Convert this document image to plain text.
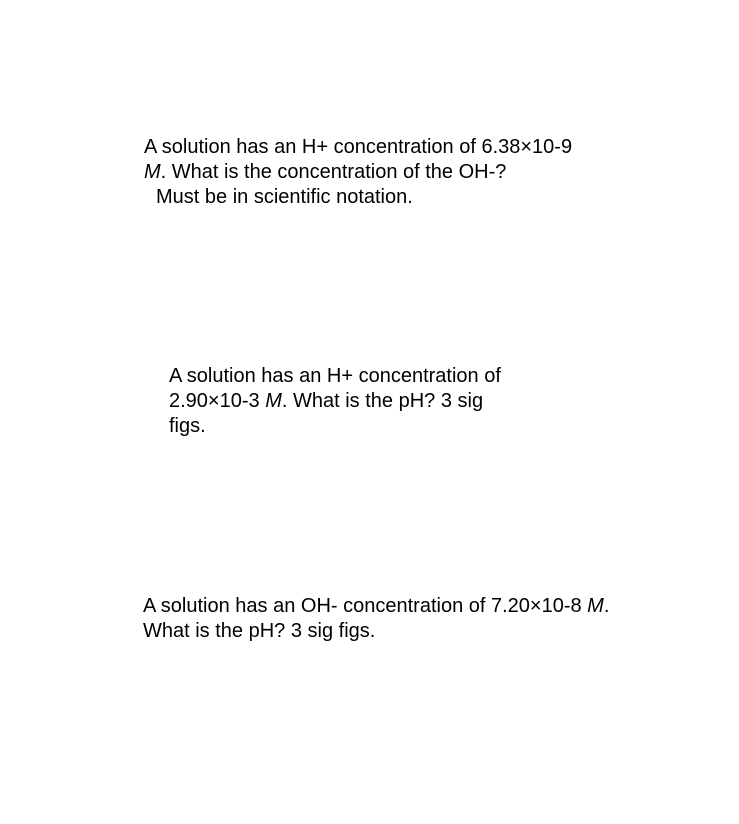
A solution has an H+ concentration of 6.38×10-9
M. What is the concentration of the OH-?
Must be in scientific notation.
A solution has an H+ concentration of
2.90×10-3 M. What is the pH? 3 sig
figs.
A solution has an OH- concentration of 7.20×10-8 M.
What is the pH? 3 sig figs.
